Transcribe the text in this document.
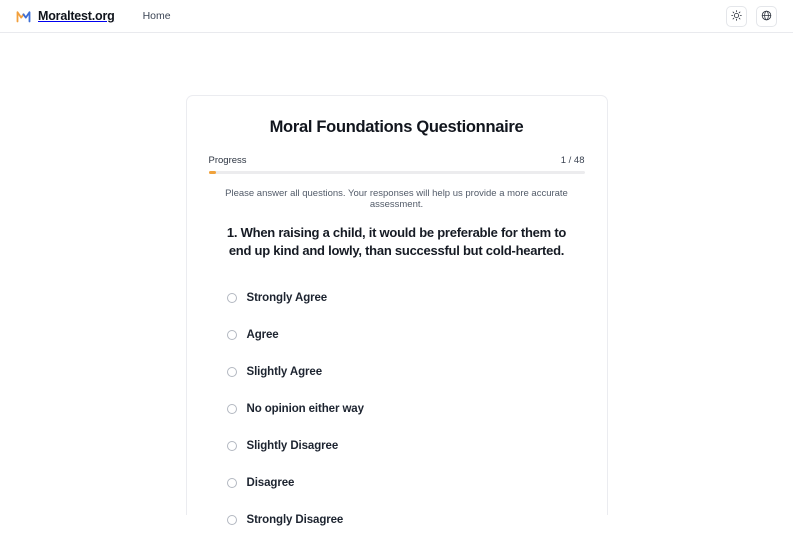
Moraltest.org	Home
Moral Foundations Questionnaire
Progress	1 / 48

Please answer all questions. Your responses will help us provide a more accurate assessment.

1. When raising a child, it would be preferable for them to end up kind and lowly, than successful but cold-hearted.

Strongly Agree
Agree
Slightly Agree
No opinion either way
Slightly Disagree
Disagree
Strongly Disagree
